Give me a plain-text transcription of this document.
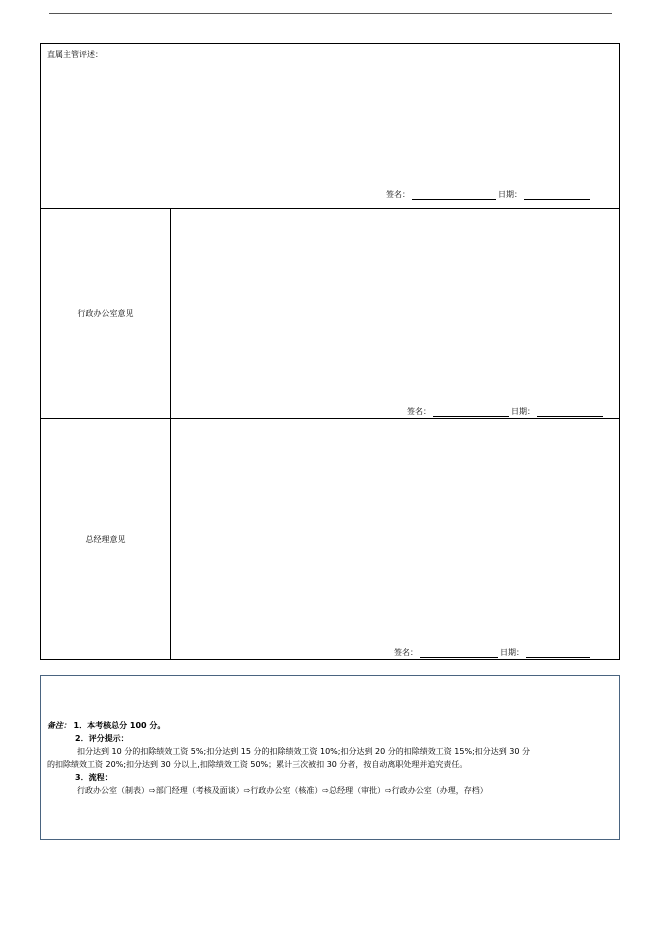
直属主管评述：
签名：	日期：
行政办公室意见
签名：	日期：
总经理意见
签名：	日期：
备注： 1．本考核总分 100 分。
2．评分提示：
扣分达到 10 分的扣除绩效工资 5%;扣分达到 15 分的扣除绩效工资 10%;扣分达到 20 分的扣除绩效工资 15%;扣分达到 30 分
的扣除绩效工资 20%;扣分达到 30 分以上,扣除绩效工资 50%；累计三次被扣 30 分者，按自动离职处理并追究责任。
3．流程：
行政办公室（制表）⇨部门经理（考核及面谈）⇨行政办公室（核准）⇨总经理（审批）⇨行政办公室（办理，存档）
